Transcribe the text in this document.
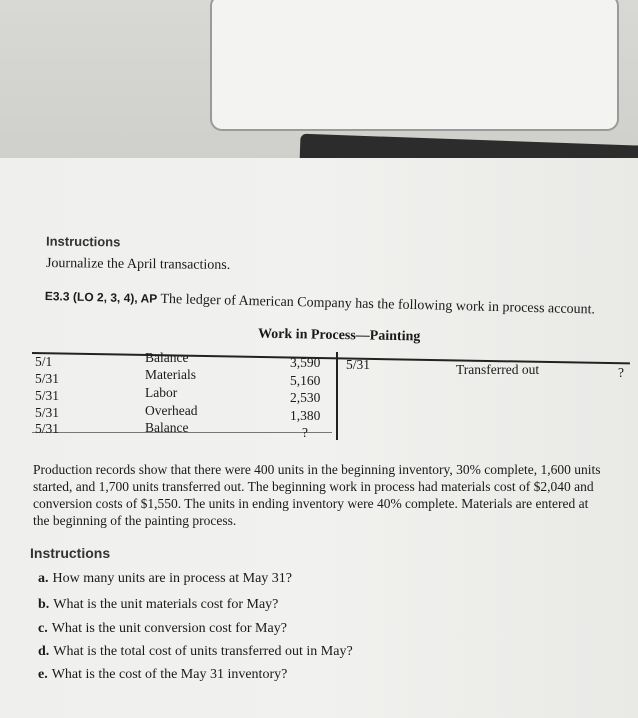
Instructions
Journalize the April transactions.
E3.3 (LO 2, 3, 4), AP The ledger of American Company has the following work in process account.
Work in Process—Painting
5/1	Balance	3,590
5/31	Materials	5,160
5/31	Labor	2,530
5/31	Overhead	1,380
5/31	Balance	?
5/31	Transferred out	?
Production records show that there were 400 units in the beginning inventory, 30% complete, 1,600 units
started, and 1,700 units transferred out. The beginning work in process had materials cost of $2,040 and
conversion costs of $1,550. The units in ending inventory were 40% complete. Materials are entered at
the beginning of the painting process.
Instructions
a. How many units are in process at May 31?
b. What is the unit materials cost for May?
c. What is the unit conversion cost for May?
d. What is the total cost of units transferred out in May?
e. What is the cost of the May 31 inventory?
